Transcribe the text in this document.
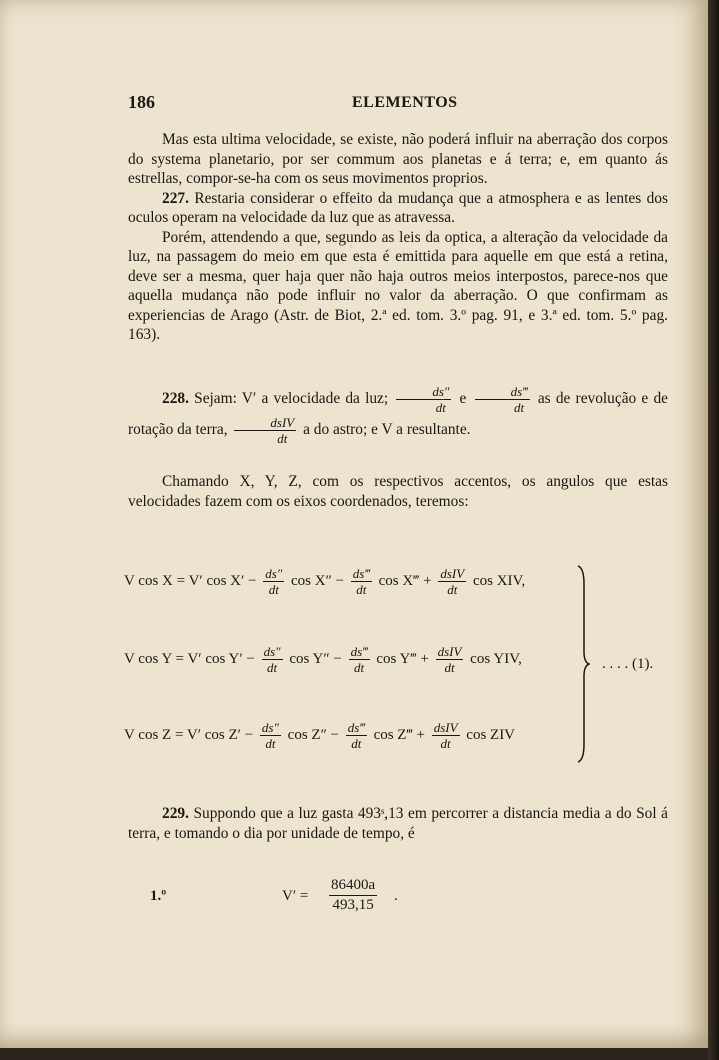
186	ELEMENTOS

Mas esta ultima velocidade, se existe, não poderá influir na aberração dos corpos do systema planetario, por ser commum aos planetas e á terra; e, em quanto ás estrellas, compor-se-ha com os seus movimentos proprios.

227. Restaria considerar o effeito da mudança que a atmosphera e as lentes dos oculos operam na velocidade da luz que as atravessa.

Porém, attendendo a que, segundo as leis da optica, a alteração da velocidade da luz, na passagem do meio em que esta é emittida para aquelle em que está a retina, deve ser a mesma, quer haja quer não haja outros meios interpostos, parece-nos que aquella mudança não pode influir no valor da aberração. O que confirmam as experiencias de Arago (Astr. de Biot, 2.ª ed. tom. 3.º pag. 91, e 3.ª ed. tom. 5.º pag. 163).

228. Sejam: V′ a velocidade da luz; $\frac{ds''}{dt}$ e $\frac{ds‴}{dt}$ as de revolução e de rotação da terra, $\frac{\text{dsIV}}{dt}$ a do astro; e V a resultante.

Chamando X, Y, Z, com os respectivos accentos, os angulos que estas velocidades fazem com os eixos coordenados, teremos:

V cos X = V′ $\cos X' - \frac{ds''}{dt}$ $\cos X'' - \frac{ds‴}{dt}$ cos X‴ + $\frac{\text{dsIV}}{dt}$ cos XIV,
V cos Y = V′ $\cos Y' - \frac{ds''}{dt}$ $\cos Y'' - \frac{ds‴}{dt}$ cos Y‴ + $\frac{\text{dsIV}}{dt}$ cos YIV,
V cos Z = V′ $\cos Z' - \frac{ds''}{dt}$ $\cos Z'' - \frac{ds‴}{dt}$ cos Z‴ + $\frac{\text{dsIV}}{dt}$ cos ZIV
. . . . (1).

229. Suppondo que a luz gasta 493ˢ,13 em percorrer a distancia media a do Sol á terra, e tomando o dia por unidade de tempo, é

1.º	$V' = \frac{86400a}{493,15}$ .
